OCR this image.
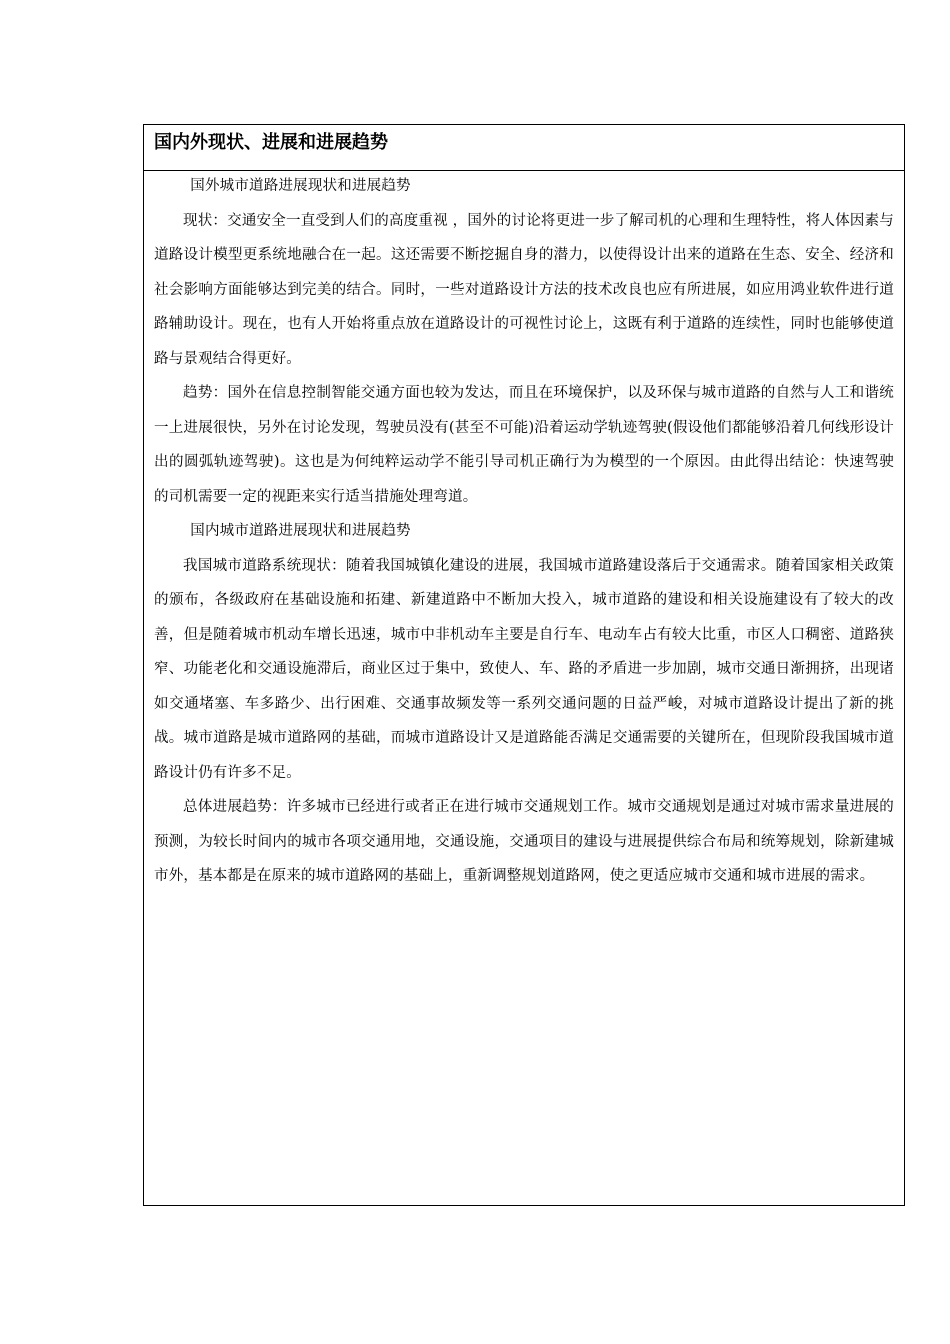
国内外现状、进展和进展趋势

国外城市道路进展现状和进展趋势

现状：交通安全一直受到人们的高度重视 ，国外的讨论将更进一步了解司机的心理和生理特性，将人体因素与道路设计模型更系统地融合在一起。这还需要不断挖掘自身的潜力，以使得设计出来的道路在生态、安全、经济和社会影响方面能够达到完美的结合。同时，一些对道路设计方法的技术改良也应有所进展，如应用鸿业软件进行道路辅助设计。现在，也有人开始将重点放在道路设计的可视性讨论上，这既有利于道路的连续性，同时也能够使道路与景观结合得更好。

趋势：国外在信息控制智能交通方面也较为发达，而且在环境保护，以及环保与城市道路的自然与人工和谐统一上进展很快，另外在讨论发现，驾驶员没有(甚至不可能)沿着运动学轨迹驾驶(假设他们都能够沿着几何线形设计出的圆弧轨迹驾驶)。这也是为何纯粹运动学不能引导司机正确行为为模型的一个原因。由此得出结论：快速驾驶的司机需要一定的视距来实行适当措施处理弯道。

国内城市道路进展现状和进展趋势

我国城市道路系统现状：随着我国城镇化建设的进展，我国城市道路建设落后于交通需求。随着国家相关政策的颁布，各级政府在基础设施和拓建、新建道路中不断加大投入，城市道路的建设和相关设施建设有了较大的改善，但是随着城市机动车增长迅速，城市中非机动车主要是自行车、电动车占有较大比重，市区人口稠密、道路狭窄、功能老化和交通设施滞后，商业区过于集中，致使人、车、路的矛盾进一步加剧，城市交通日渐拥挤，出现诸如交通堵塞、车多路少、出行困难、交通事故频发等一系列交通问题的日益严峻，对城市道路设计提出了新的挑战。城市道路是城市道路网的基础，而城市道路设计又是道路能否满足交通需要的关键所在，但现阶段我国城市道路设计仍有许多不足。

总体进展趋势：许多城市已经进行或者正在进行城市交通规划工作。城市交通规划是通过对城市需求量进展的预测，为较长时间内的城市各项交通用地，交通设施，交通项目的建设与进展提供综合布局和统筹规划，除新建城市外，基本都是在原来的城市道路网的基础上，重新调整规划道路网，使之更适应城市交通和城市进展的需求。
